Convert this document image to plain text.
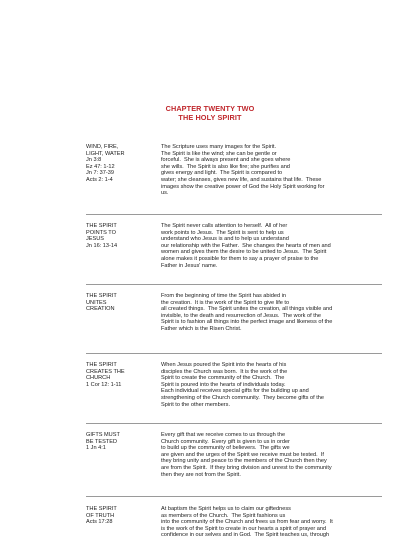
CHAPTER TWENTY TWO
THE HOLY SPIRIT
WIND, FIRE,	The Scripture uses many images for the Spirit.
LIGHT, WATER	The Spirit is like the wind; she can be gentle or
Jn 3:8	forceful.  She is always present and she goes where
Ez 47: 1-12	she wills.  The Spirit is also like fire; she purifies and
Jn 7: 37-39	gives energy and light.  The Spirit is compared to
Acts 2: 1-4	water; she cleanses, gives new life, and sustains that life.  These
images show the creative power of God the Holy Spirit working for
us.
THE SPIRIT	The Spirit never calls attention to herself.  All of her
POINTS TO	work points to Jesus.  The Spirit is sent to help us
JESUS	understand who Jesus is and to help us understand
Jn 16: 13-14	our relationship with the Father.  She changes the hearts of men and
women and gives them the desire to be united to Jesus.  The Spirit
alone makes it possible for them to say a prayer of praise to the
Father in Jesus' name.
THE SPIRIT	From the beginning of time the Spirit has abided in
UNITES	the creation.  It is the work of the Spirit to give life to
CREATION	all created things.  The Spirit unites the creation, all things visible and
invisible, to the death and resurrection of Jesus.  The work of the
Spirit is to fashion all things into the perfect image and likeness of the
Father which is the Risen Christ.
THE SPIRIT	When Jesus poured the Spirit into the hearts of his
CREATES THE	disciples the Church was born.  It is the work of the
CHURCH	Spirit to create the community of the Church.  The
1 Cor 12: 1-11	Spirit is poured into the hearts of individuals today.
Each individual receives special gifts for the building up and
strengthening of the Church community.  They become gifts of the
Spirit to the other members.
GIFTS MUST	Every gift that we receive comes to us through the
BE TESTED	Church community.  Every gift is given to us in order
1 Jn 4:1	to build up the community of believers.  The gifts we
are given and the urges of the Spirit we receive must be tested.  If
they bring unity and peace to the members of the Church then they
are from the Spirit.  If they bring division and unrest to the community
then they are not from the Spirit.
THE SPIRIT	At baptism the Spirit helps us to claim our giftedness
OF TRUTH	as members of the Church.  The Spirit fashions us
Acts 17:28	into the community of the Church and frees us from fear and worry.  It
is the work of the Spirit to create in our hearts a spirit of prayer and
confidence in our selves and in God.  The Spirit teaches us, through
